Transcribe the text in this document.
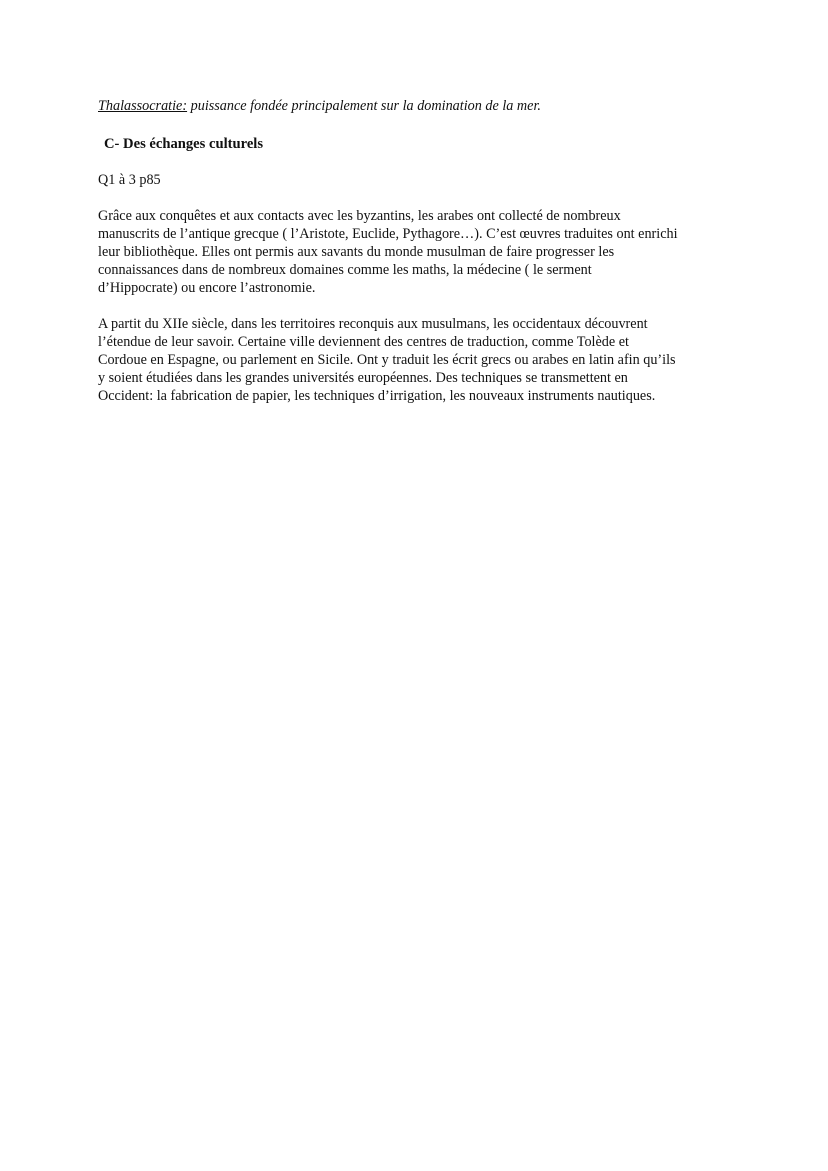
Thalassocratie: puissance fondée principalement sur la domination de la mer.

C- Des échanges culturels
Q1 à 3 p85

Grâce aux conquêtes et aux contacts avec les byzantins, les arabes ont collecté de nombreux
manuscrits de l’antique grecque ( l’Aristote, Euclide, Pythagore…). C’est œuvres traduites ont enrichi
leur bibliothèque. Elles ont permis aux savants du monde musulman de faire progresser les
connaissances dans de nombreux domaines comme les maths, la médecine ( le serment
d’Hippocrate) ou encore l’astronomie.

A partit du XIIe siècle, dans les territoires reconquis aux musulmans, les occidentaux découvrent
l’étendue de leur savoir. Certaine ville deviennent des centres de traduction, comme Tolède et
Cordoue en Espagne, ou parlement en Sicile. Ont y traduit les écrit grecs ou arabes en latin afin qu’ils
y soient étudiées dans les grandes universités européennes. Des techniques se transmettent en
Occident: la fabrication de papier, les techniques d’irrigation, les nouveaux instruments nautiques.
